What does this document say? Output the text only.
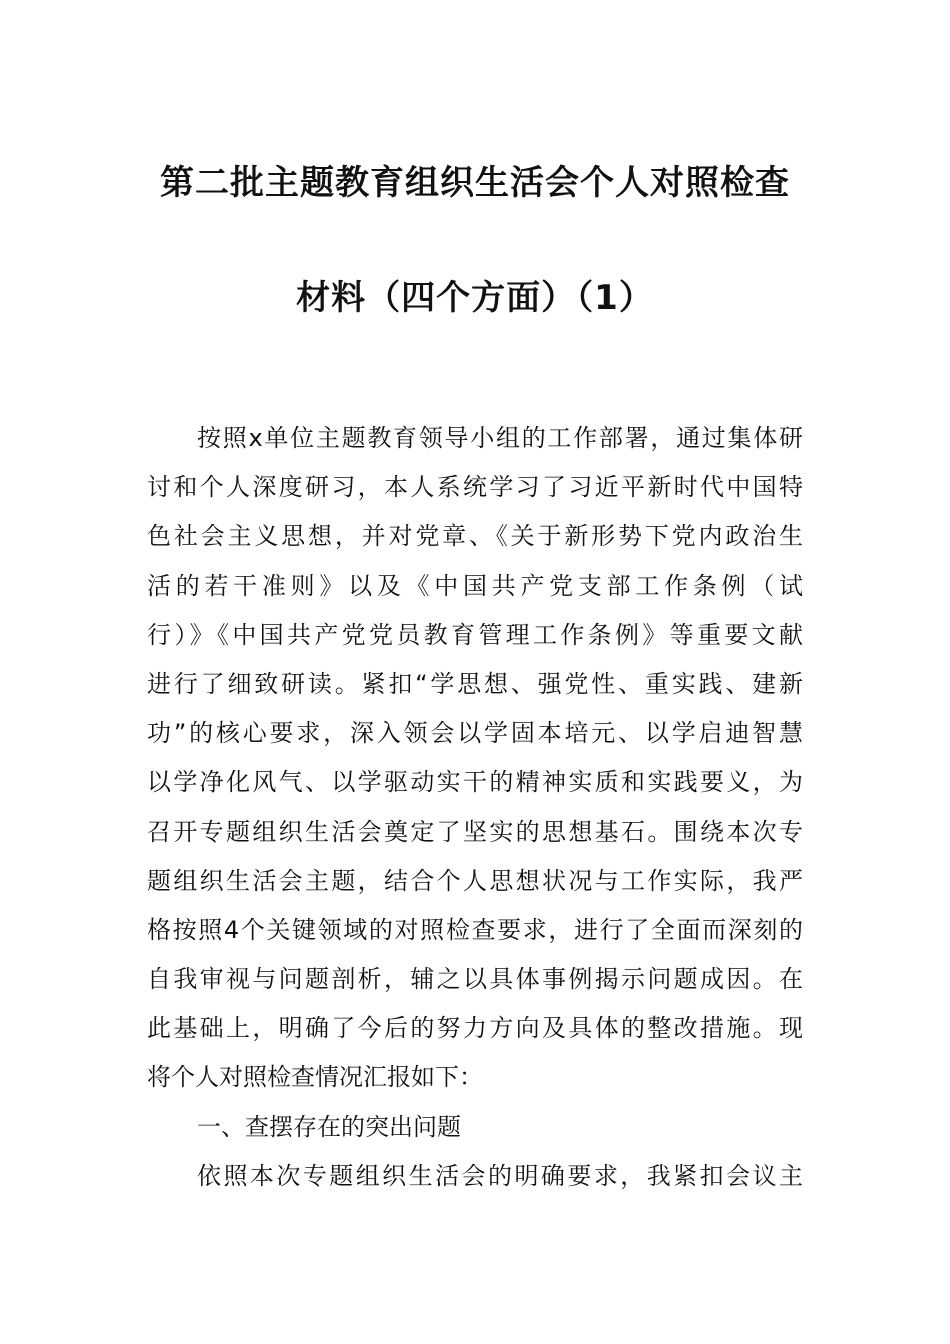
第二批主题教育组织生活会个人对照检查
材料（四个方面）（1）
按照x单位主题教育领导小组的工作部署，通过集体研
讨和个人深度研习，本人系统学习了习近平新时代中国特
色社会主义思想，并对党章、《关于新形势下党内政治生
活的若干准则》以及《中国共产党支部工作条例（试
行）》《中国共产党党员教育管理工作条例》等重要文献
进行了细致研读。紧扣“学思想、强党性、重实践、建新
功”的核心要求，深入领会以学固本培元、以学启迪智慧
以学净化风气、以学驱动实干的精神实质和实践要义，为
召开专题组织生活会奠定了坚实的思想基石。围绕本次专
题组织生活会主题，结合个人思想状况与工作实际，我严
格按照4个关键领域的对照检查要求，进行了全面而深刻的
自我审视与问题剖析，辅之以具体事例揭示问题成因。在
此基础上，明确了今后的努力方向及具体的整改措施。现
将个人对照检查情况汇报如下：
一、查摆存在的突出问题
依照本次专题组织生活会的明确要求，我紧扣会议主
